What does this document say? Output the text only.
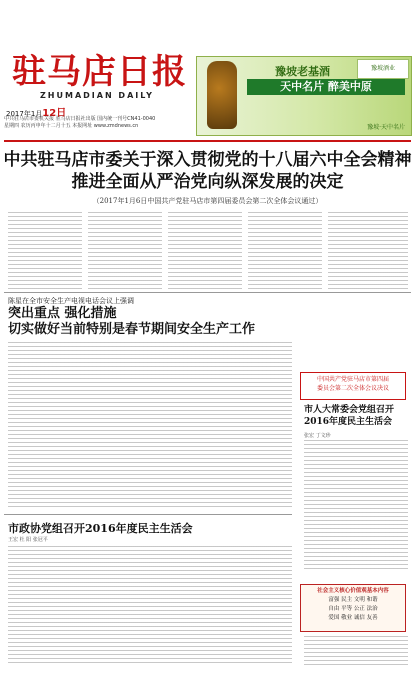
驻马店日报
ZHUMADIAN DAILY
2017年1月12日
中共驻马店市委机关报 驻马店日报社出版 国内统一刊号CN41-0040
星期四 农历丙申年十二月十五 本报网址 www.zmdnews.cn
豫坡老基酒	豫坡酒业
天中名片 醉美中原
豫坡·天中名片
中共驻马店市委关于深入贯彻党的十八届六中全会精神
推进全面从严治党向纵深发展的决定
（2017年1月6日中国共产党驻马店市第四届委员会第二次全体会议通过）
陈星在全市安全生产电视电话会议上强调
突出重点 强化措施
切实做好当前特别是春节期间安全生产工作
中国共产党驻马店市第四届
委员会第二次全体会议决议
市人大常委会党组召开2016年度民主生活会
张宏 丁文珍
市政协党组召开2016年度民主生活会
王宏 杜 阳 张冠平
社会主义核心价值观基本内容
富强 民主 文明 和谐
自由 平等 公正 法治
爱国 敬业 诚信 友善
